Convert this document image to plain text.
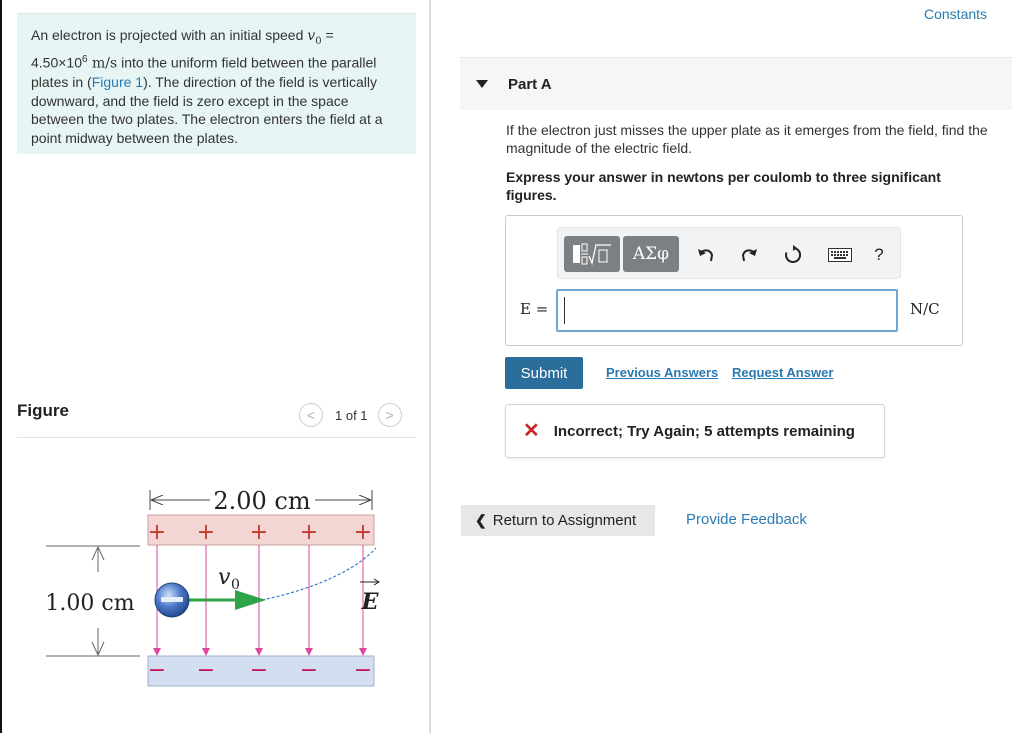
An electron is projected with an initial speed $v_0$ =
$4.50\times 10^6$ m/s into the uniform field between the parallel plates in (Figure 1). The direction of the field is vertically downward, and the field is zero except in the space between the two plates. The electron enters the field at a point midway between the plates.
Figure	< 1 of 1 >
2.00 cm
+ + + + +
− − − − −
1.00 cm
v 0
E
Constants
Part A
If the electron just misses the upper plate as it emerges from the field, find the magnitude of the electric field.
Express your answer in newtons per coulomb to three significant figures.
ΑΣφ	?
E =	N/C
Submit	Previous Answers Request Answer
✕ Incorrect; Try Again; 5 attempts remaining
❮ Return to Assignment	Provide Feedback
